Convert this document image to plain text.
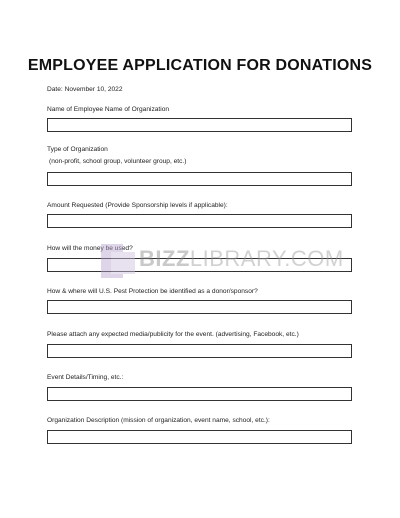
EMPLOYEE APPLICATION FOR DONATIONS
Date: November 10, 2022
Name of Employee Name of Organization
Type of Organization
(non-profit, school group, volunteer group, etc.)
Amount Requested (Provide Sponsorship levels if applicable):
How will the money be used?
How & where will U.S. Pest Protection be identified as a donor/sponsor?
Please attach any expected media/publicity for the event. (advertising, Facebook, etc.)
Event Details/Timing, etc.:
Organization Description (mission of organization, event name, school, etc.):
BIZZLIBRARY.COM
